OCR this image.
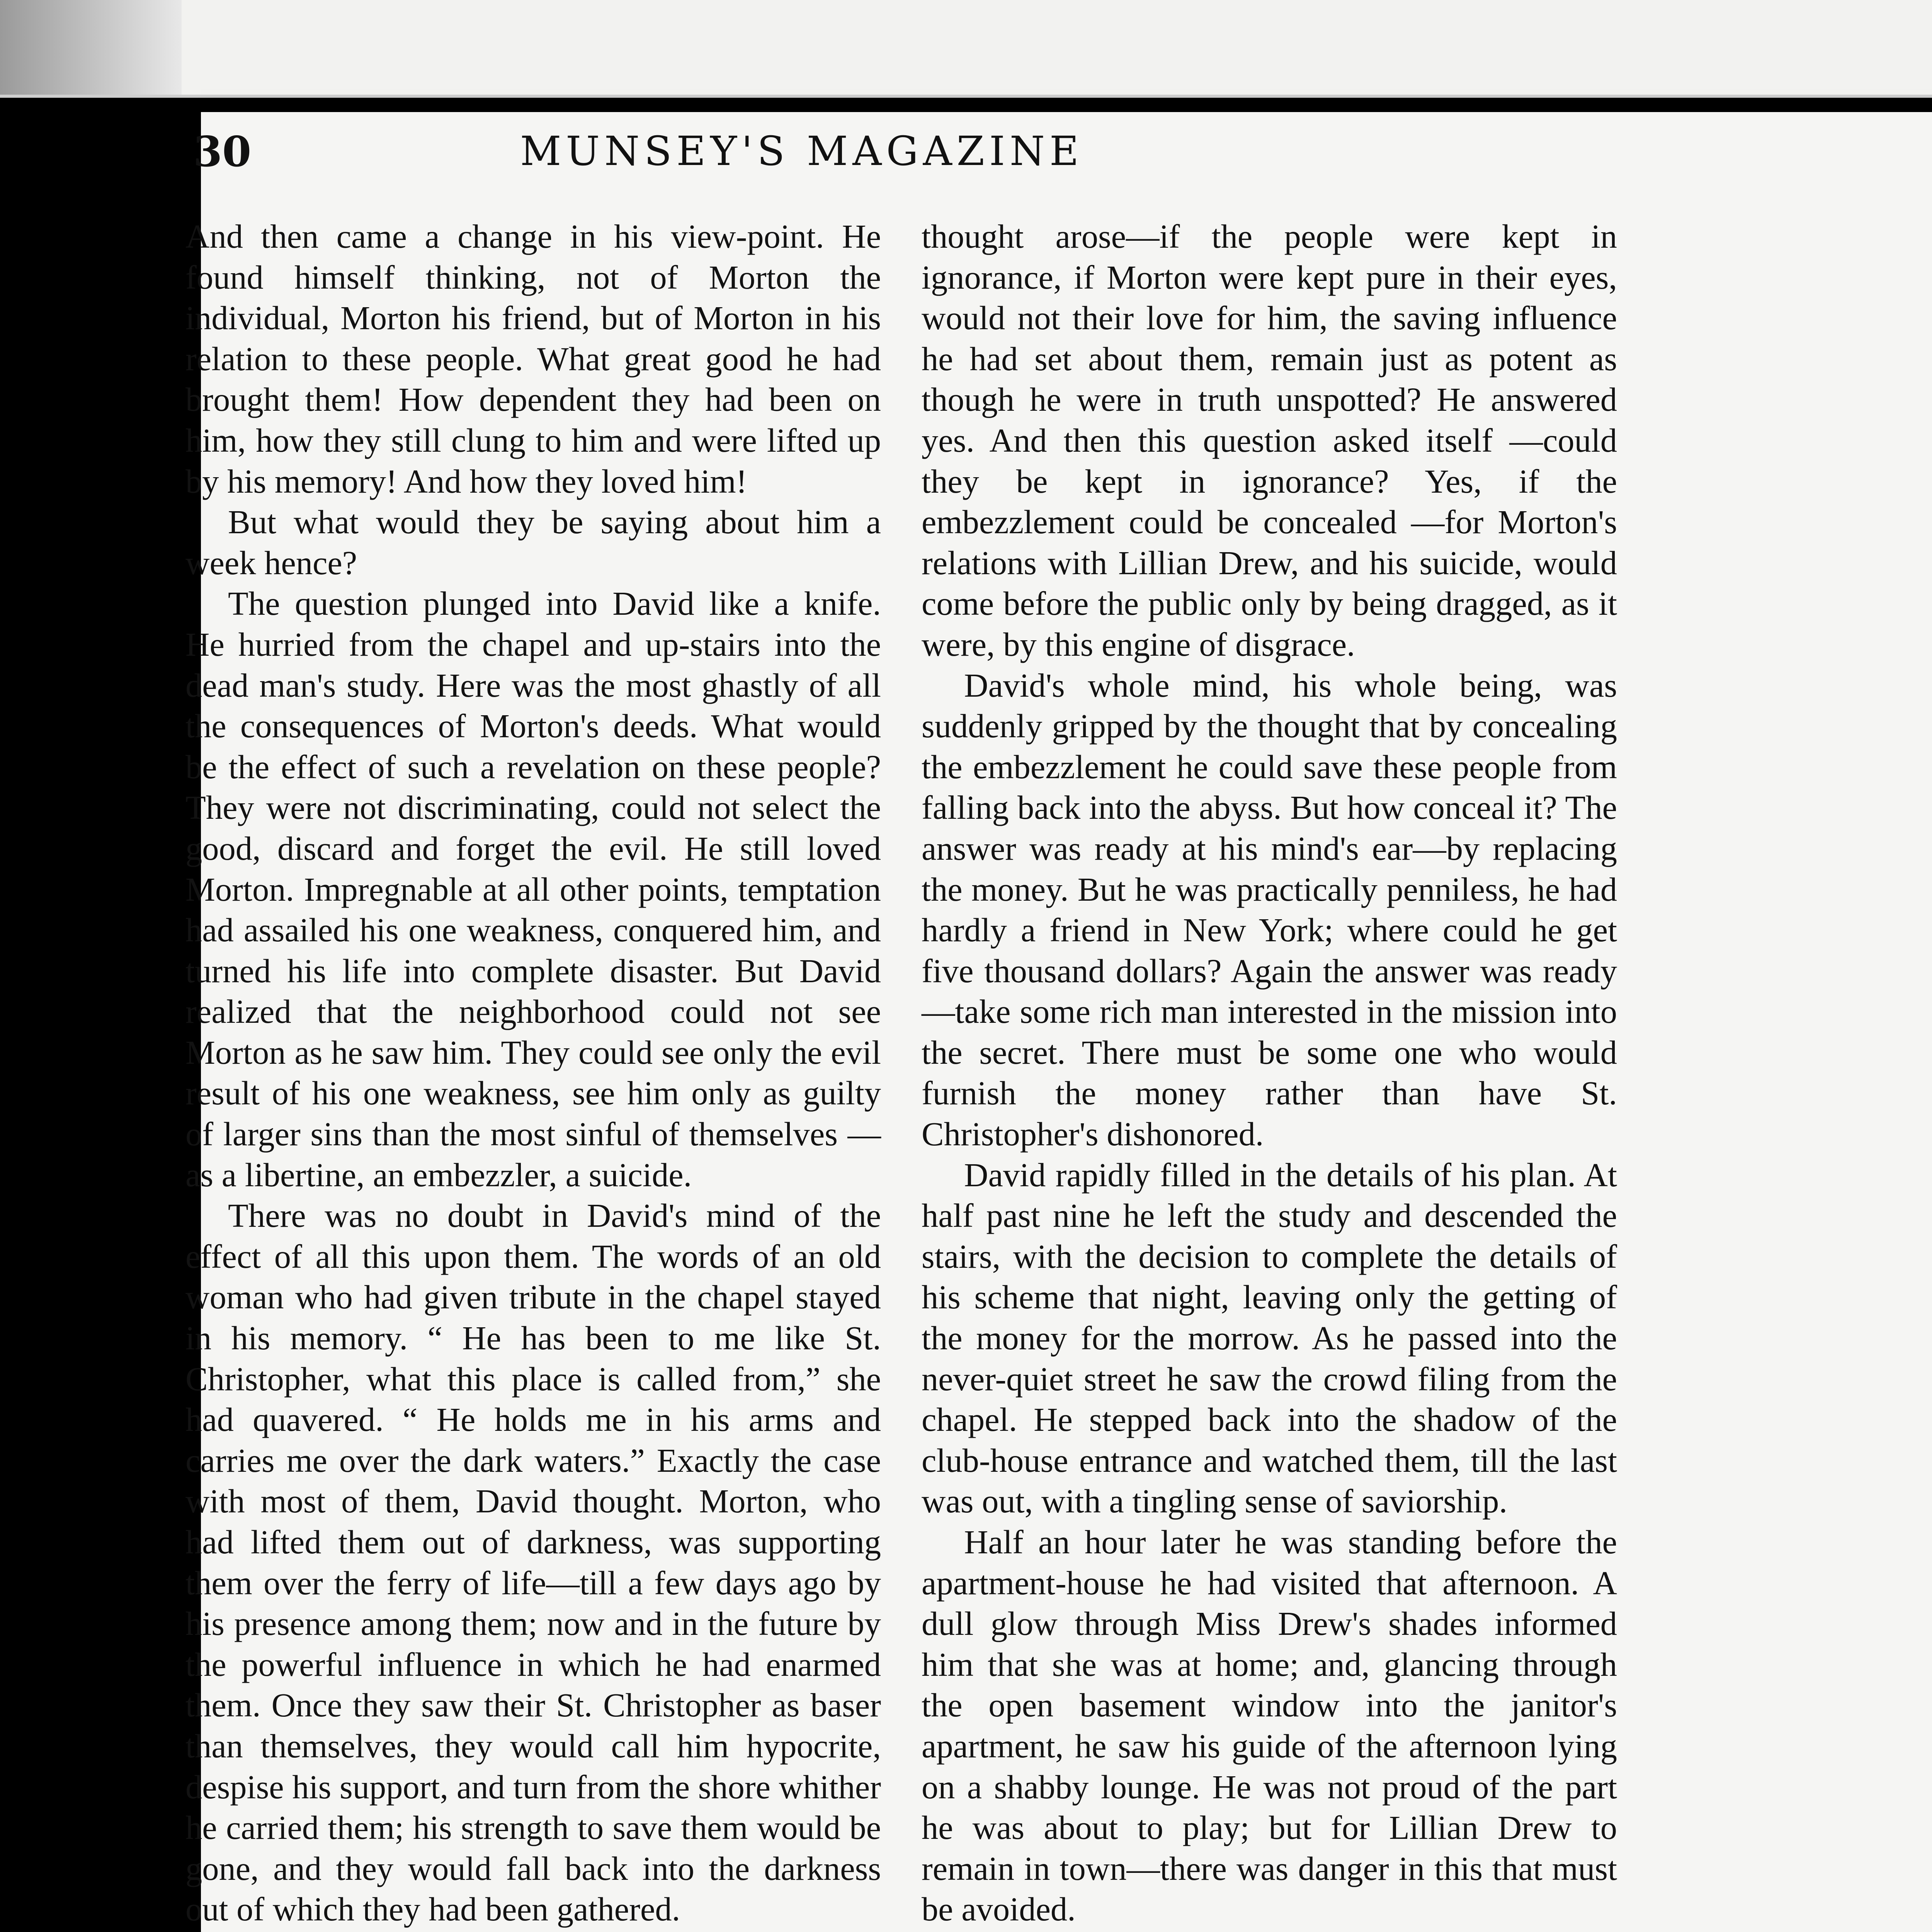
30	MUNSEY'S MAGAZINE

And then came a change in his view-point. He found himself thinking, not of Morton the individual, Morton his friend, but of Morton in his relation to these people. What great good he had brought them! How dependent they had been on him, how they still clung to him and were lifted up by his memory! And how they loved him!

But what would they be saying about him a week hence?

The question plunged into David like a knife. He hurried from the chapel and up-stairs into the dead man's study. Here was the most ghastly of all the consequences of Morton's deeds. What would be the effect of such a revelation on these people? They were not discriminating, could not select the good, discard and forget the evil. He still loved Morton. Impregnable at all other points, temptation had assailed his one weakness, conquered him, and turned his life into complete disaster. But David realized that the neighborhood could not see Morton as he saw him. They could see only the evil result of his one weakness, see him only as guilty of larger sins than the most sinful of themselves —as a libertine, an embezzler, a suicide.

There was no doubt in David's mind of the effect of all this upon them. The words of an old woman who had given tribute in the chapel stayed in his memory. “ He has been to me like St. Christopher, what this place is called from,” she had quavered. “ He holds me in his arms and carries me over the dark waters.” Exactly the case with most of them, David thought. Morton, who had lifted them out of darkness, was supporting them over the ferry of life—till a few days ago by his presence among them; now and in the future by the powerful influence in which he had enarmed them. Once they saw their St. Christopher as baser than themselves, they would call him hypocrite, despise his support, and turn from the shore whither he carried them; his strength to save them would be gone, and they would fall back into the darkness out of which they had been gathered.

thought arose—if the people were kept in ignorance, if Morton were kept pure in their eyes, would not their love for him, the saving influence he had set about them, remain just as potent as though he were in truth unspotted? He answered yes. And then this question asked itself —could they be kept in ignorance? Yes, if the embezzlement could be concealed —for Morton's relations with Lillian Drew, and his suicide, would come before the public only by being dragged, as it were, by this engine of disgrace.

David's whole mind, his whole being, was suddenly gripped by the thought that by concealing the embezzlement he could save these people from falling back into the abyss. But how conceal it? The answer was ready at his mind's ear—by replacing the money. But he was practically penniless, he had hardly a friend in New York; where could he get five thousand dollars? Again the answer was ready—take some rich man interested in the mission into the secret. There must be some one who would furnish the money rather than have St. Christopher's dishonored.

David rapidly filled in the details of his plan. At half past nine he left the study and descended the stairs, with the decision to complete the details of his scheme that night, leaving only the getting of the money for the morrow. As he passed into the never-quiet street he saw the crowd filing from the chapel. He stepped back into the shadow of the club-house entrance and watched them, till the last was out, with a tingling sense of saviorship.

Half an hour later he was standing before the apartment-house he had visited that afternoon. A dull glow through Miss Drew's shades informed him that she was at home; and, glancing through the open basement window into the janitor's apartment, he saw his guide of the afternoon lying on a shabby lounge. He was not proud of the part he was about to play; but for Lillian Drew to remain in town—there was danger in this that must be avoided.
